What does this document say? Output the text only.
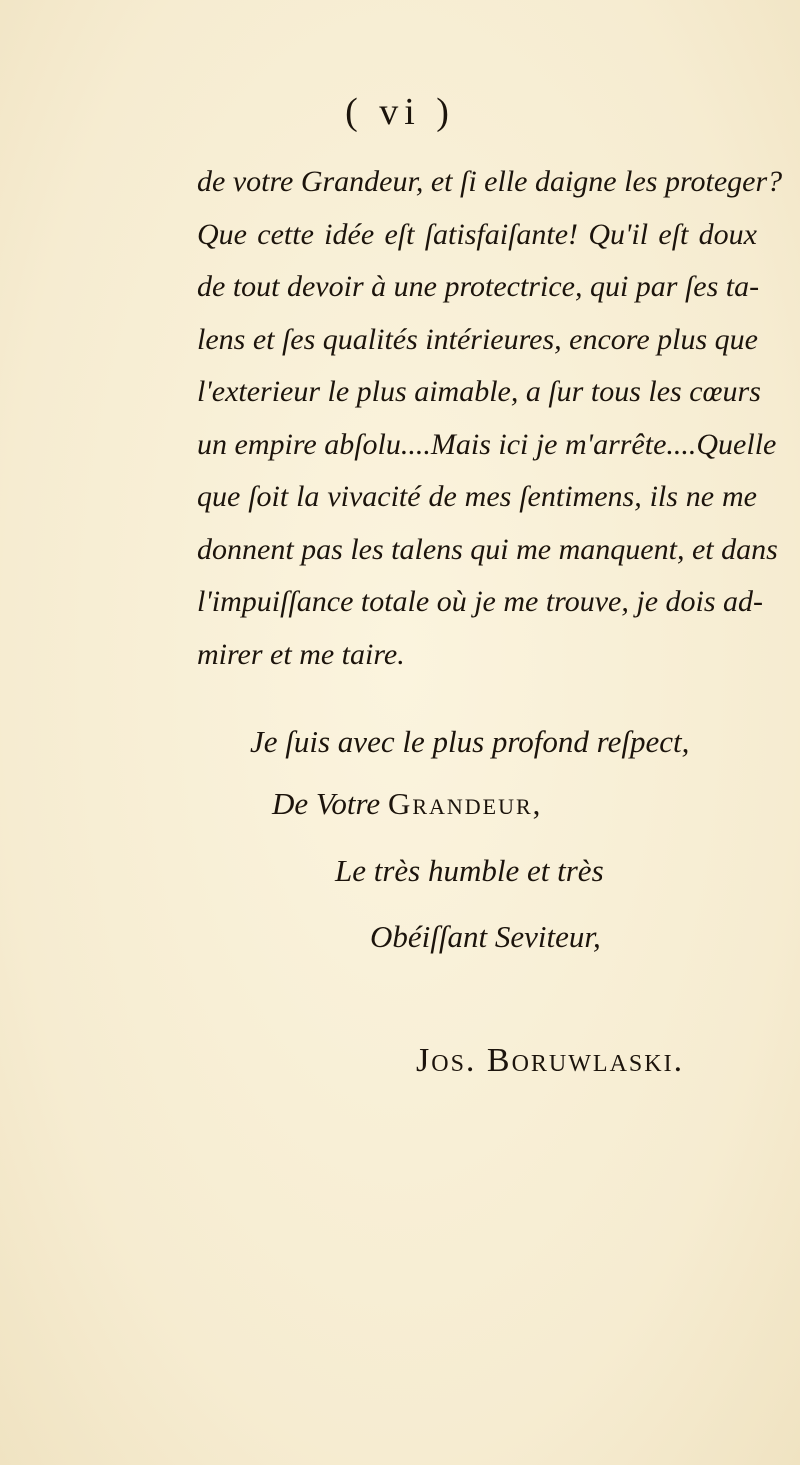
( vi )
de votre Grandeur, et ſi elle daigne les proteger?
Que cette idée eſt ſatisfaiſante! Qu'il eſt doux
de tout devoir à une protectrice, qui par ſes ta-
lens et ſes qualités intérieures, encore plus que
l'exterieur le plus aimable, a ſur tous les cœurs
un empire abſolu....Mais ici je m'arrête....Quelle
que ſoit la vivacité de mes ſentimens, ils ne me
donnent pas les talens qui me manquent, et dans
l'impuiſſance totale où je me trouve, je dois ad-
mirer et me taire.
Je ſuis avec le plus profond reſpect,
De Votre Grandeur,
Le très humble et très
Obéiſſant Seviteur,
Jos. Boruwlaski.
